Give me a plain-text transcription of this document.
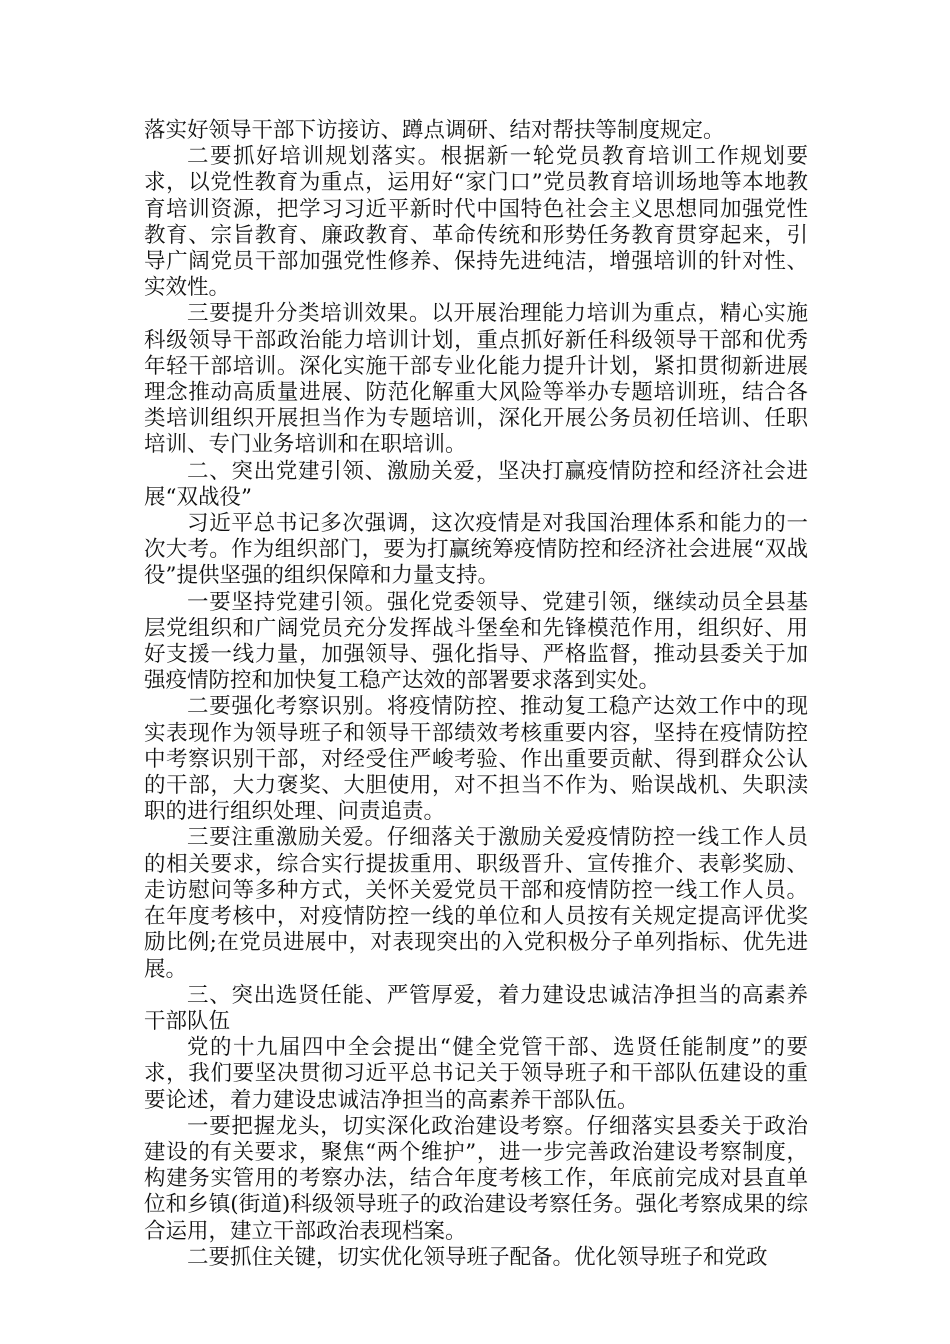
落实好领导干部下访接访、蹲点调研、结对帮扶等制度规定。

二要抓好培训规划落实。根据新一轮党员教育培训工作规划要求，以党性教育为重点，运用好“家门口”党员教育培训场地等本地教育培训资源，把学习习近平新时代中国特色社会主义思想同加强党性教育、宗旨教育、廉政教育、革命传统和形势任务教育贯穿起来，引导广阔党员干部加强党性修养、保持先进纯洁，增强培训的针对性、实效性。

三要提升分类培训效果。以开展治理能力培训为重点，精心实施科级领导干部政治能力培训计划，重点抓好新任科级领导干部和优秀年轻干部培训。深化实施干部专业化能力提升计划，紧扣贯彻新进展理念推动高质量进展、防范化解重大风险等举办专题培训班，结合各类培训组织开展担当作为专题培训，深化开展公务员初任培训、任职培训、专门业务培训和在职培训。

二、突出党建引领、激励关爱，坚决打赢疫情防控和经济社会进展“双战役”

习近平总书记多次强调，这次疫情是对我国治理体系和能力的一次大考。作为组织部门，要为打赢统筹疫情防控和经济社会进展“双战役”提供坚强的组织保障和力量支持。

一要坚持党建引领。强化党委领导、党建引领，继续动员全县基层党组织和广阔党员充分发挥战斗堡垒和先锋模范作用，组织好、用好支援一线力量，加强领导、强化指导、严格监督，推动县委关于加强疫情防控和加快复工稳产达效的部署要求落到实处。

二要强化考察识别。将疫情防控、推动复工稳产达效工作中的现实表现作为领导班子和领导干部绩效考核重要内容，坚持在疫情防控中考察识别干部，对经受住严峻考验、作出重要贡献、得到群众公认的干部，大力褒奖、大胆使用，对不担当不作为、贻误战机、失职渎职的进行组织处理、问责追责。

三要注重激励关爱。仔细落关于激励关爱疫情防控一线工作人员的相关要求，综合实行提拔重用、职级晋升、宣传推介、表彰奖励、走访慰问等多种方式，关怀关爱党员干部和疫情防控一线工作人员。在年度考核中，对疫情防控一线的单位和人员按有关规定提高评优奖励比例;在党员进展中，对表现突出的入党积极分子单列指标、优先进展。

三、突出选贤任能、严管厚爱，着力建设忠诚洁净担当的高素养干部队伍

党的十九届四中全会提出“健全党管干部、选贤任能制度”的要求，我们要坚决贯彻习近平总书记关于领导班子和干部队伍建设的重要论述，着力建设忠诚洁净担当的高素养干部队伍。

一要把握龙头，切实深化政治建设考察。仔细落实县委关于政治建设的有关要求，聚焦“两个维护”，进一步完善政治建设考察制度，构建务实管用的考察办法，结合年度考核工作，年底前完成对县直单位和乡镇(街道)科级领导班子的政治建设考察任务。强化考察成果的综合运用，建立干部政治表现档案。

二要抓住关键，切实优化领导班子配备。优化领导班子和党政
